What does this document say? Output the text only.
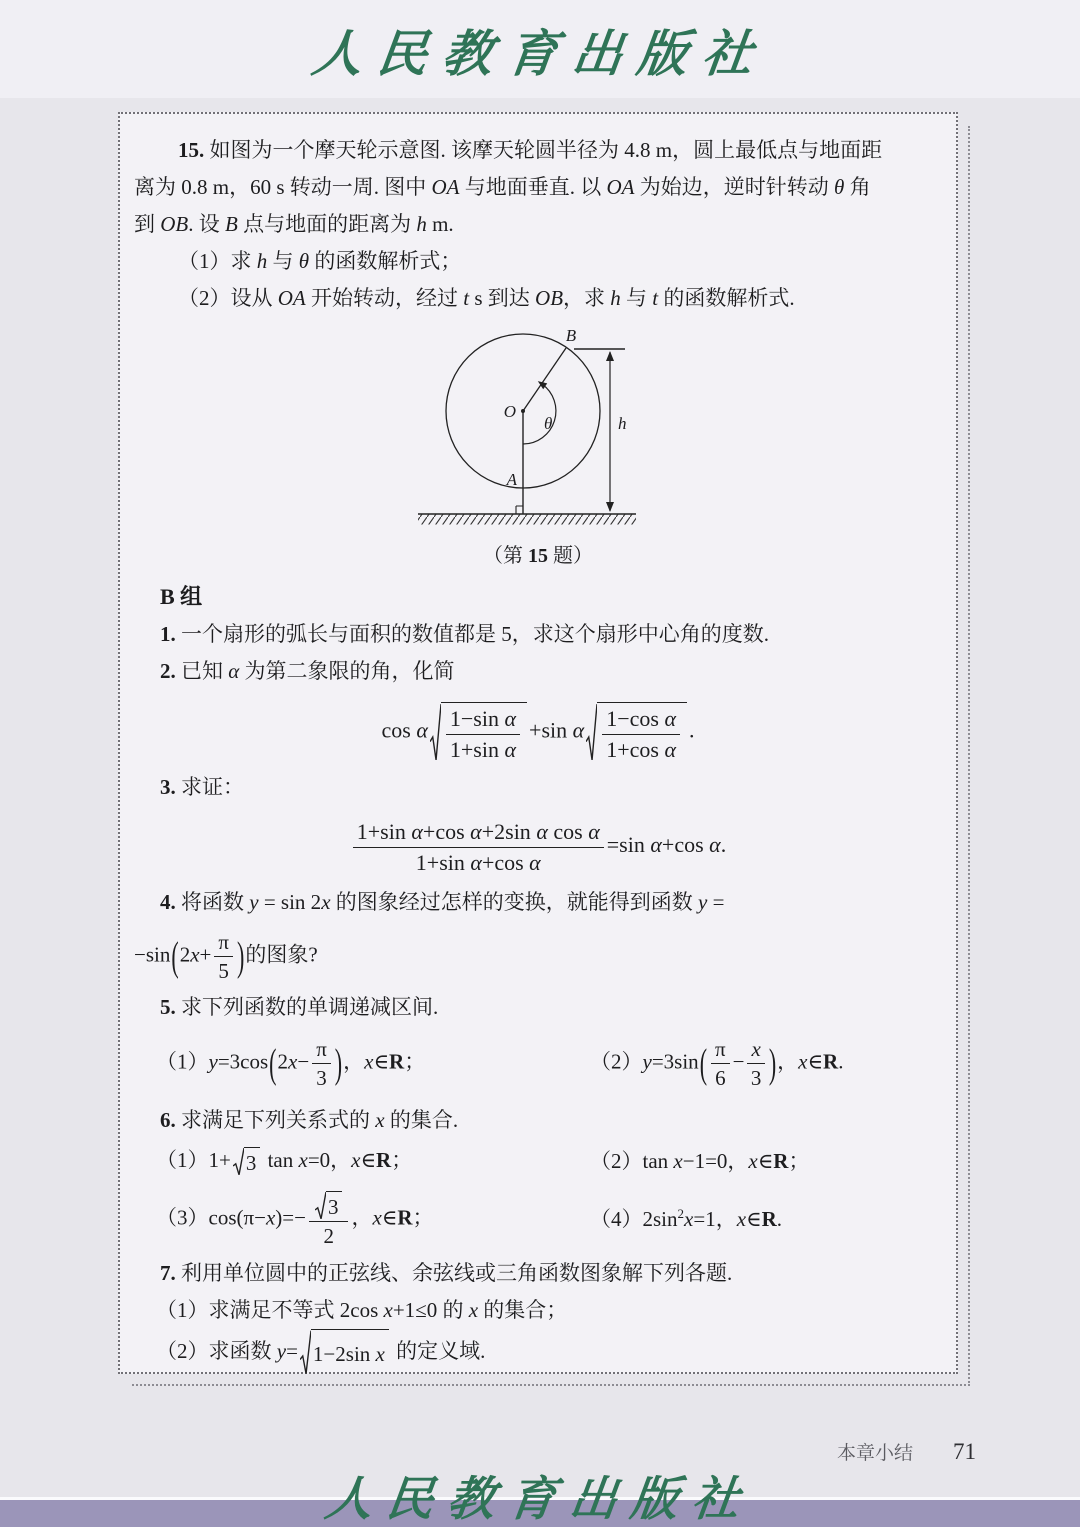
人民教育出版社
15. 如图为一个摩天轮示意图. 该摩天轮圆半径为 4.8 m，圆上最低点与地面距
离为 0.8 m，60 s 转动一周. 图中 OA 与地面垂直. 以 OA 为始边，逆时针转动 θ 角
到 OB. 设 B 点与地面的距离为 h m.
（1）求 h 与 θ 的函数解析式；
（2）设从 OA 开始转动，经过 t s 到达 OB，求 h 与 t 的函数解析式.
B
O
A
θ	h
（第 15 题）
B 组
1. 一个扇形的弧长与面积的数值都是 5，求这个扇形中心角的度数.
2. 已知 α 为第二象限的角，化简
cos α $\frac{\text{1−sin α}}{\text{1+sin α}} +\sin$ α $\frac{\text{1−cos α}}{\text{1+cos α}}$ .
3. 求证：
$\frac{\text{1+sin α+cos α+2sin α cos α}}{\text{1+sin α+cos α}} =\sin$ α+cos α.
4. 将函数 y = sin 2x 的图象经过怎样的变换，就能得到函数 y =
$-\sin(2x+ \frac{\pi}{5}$ )的图象?
5. 求下列函数的单调递减区间.
$(1)y=3\cos(2x- \frac{\pi}{3}$ )，x∈R；	$(2)y=3\sin( \frac{\pi}{6} - \frac{x}{3}$ )，x∈R.
6. 求满足下列关系式的 x 的集合.
（1）1+ 3 tan x=0，x∈R；	（2）tan x−1=0，x∈R；
$(3)\cos(\pi-x)=- \frac{3}{2}$ ，x∈R；	$(4)2\sin^2x=1$，x∈R.
7. 利用单位圆中的正弦线、余弦线或三角函数图象解下列各题.
（1）求满足不等式 2cos x+1≤0 的 x 的集合；
（2）求函数 y= 1−2sin x 的定义域.
本章小结 71
人民教育出版社
